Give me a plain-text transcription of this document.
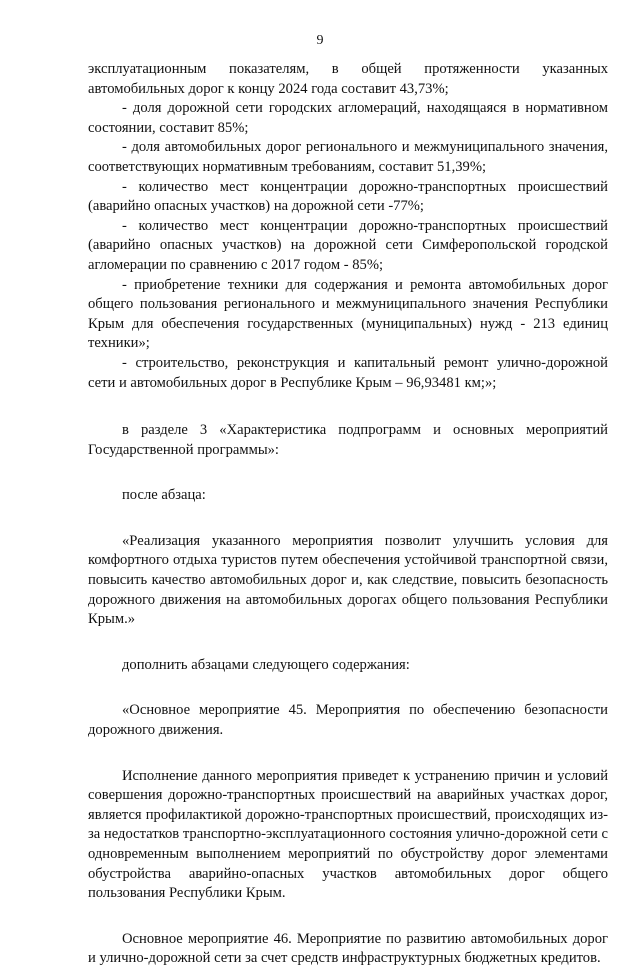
9

эксплуатационным показателям, в общей протяженности указанных автомобильных дорог к концу 2024 года составит 43,73%;

- доля дорожной сети городских агломераций, находящаяся в нормативном состоянии, составит 85%;

- доля автомобильных дорог регионального и межмуниципального значения, соответствующих нормативным требованиям, составит 51,39%;

- количество мест концентрации дорожно-транспортных происшествий (аварийно опасных участков) на дорожной сети -77%;

- количество мест концентрации дорожно-транспортных происшествий (аварийно опасных участков) на дорожной сети Симферопольской городской агломерации по сравнению с 2017 годом - 85%;

- приобретение техники для содержания и ремонта автомобильных дорог общего пользования регионального и межмуниципального значения Республики Крым для обеспечения государственных (муниципальных) нужд - 213 единиц техники»;

- строительство, реконструкция и капитальный ремонт улично-дорожной сети и автомобильных дорог в Республике Крым – 96,93481 км;»;

в разделе 3 «Характеристика подпрограмм и основных мероприятий Государственной программы»:

после абзаца:

«Реализация указанного мероприятия позволит улучшить условия для комфортного отдыха туристов путем обеспечения устойчивой транспортной связи, повысить качество автомобильных дорог и, как следствие, повысить безопасность дорожного движения на автомобильных дорогах общего пользования Республики Крым.»

дополнить абзацами следующего содержания:

«Основное мероприятие 45. Мероприятия по обеспечению безопасности дорожного движения.

Исполнение данного мероприятия приведет к устранению причин и условий совершения дорожно-транспортных происшествий на аварийных участках дорог, является профилактикой дорожно-транспортных происшествий, происходящих из-за недостатков транспортно-эксплуатационного состояния улично-дорожной сети с одновременным выполнением мероприятий по обустройству дорог элементами обустройства аварийно-опасных участков автомобильных дорог общего пользования Республики Крым.

Основное мероприятие 46. Мероприятие по развитию автомобильных дорог и улично-дорожной сети за счет средств инфраструктурных бюджетных кредитов.
